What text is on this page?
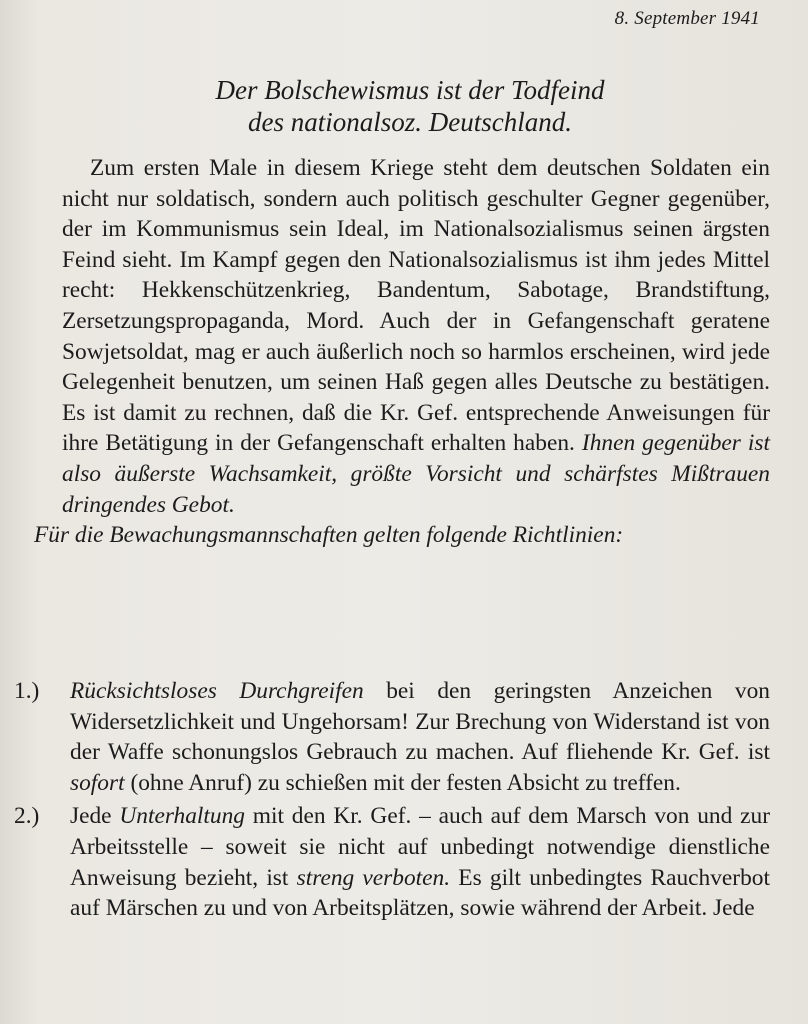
8. September 1941
Der Bolschewismus ist der Todfeind
des nationalsoz. Deutschland.

Zum ersten Male in diesem Kriege steht dem deutschen Soldaten ein nicht nur soldatisch, sondern auch politisch geschulter Gegner gegenüber, der im Kommunismus sein Ideal, im Nationalsozialismus seinen ärgsten Feind sieht. Im Kampf gegen den Nationalsozialismus ist ihm jedes Mittel recht: Hekkenschützenkrieg, Bandentum, Sabotage, Brandstiftung, Zersetzungspropaganda, Mord. Auch der in Gefangenschaft geratene Sowjetsoldat, mag er auch äußerlich noch so harmlos erscheinen, wird jede Gelegenheit benutzen, um seinen Haß gegen alles Deutsche zu bestätigen. Es ist damit zu rechnen, daß die Kr. Gef. entsprechende Anweisungen für ihre Betätigung in der Gefangenschaft erhalten haben. Ihnen gegenüber ist also äußerste Wachsamkeit, größte Vorsicht und schärfstes Mißtrauen dringendes Gebot.

Für die Bewachungsmannschaften gelten folgende Richtlinien:

1.)	Rücksichtsloses Durchgreifen bei den geringsten Anzeichen von Widersetzlichkeit und Ungehorsam! Zur Brechung von Widerstand ist von der Waffe schonungslos Gebrauch zu machen. Auf fliehende Kr. Gef. ist sofort (ohne Anruf) zu schießen mit der festen Absicht zu treffen.
2.)	Jede Unterhaltung mit den Kr. Gef. – auch auf dem Marsch von und zur Arbeitsstelle – soweit sie nicht auf unbedingt notwendige dienstliche Anweisung bezieht, ist streng verboten. Es gilt unbedingtes Rauchverbot auf Märschen zu und von Arbeitsplätzen, sowie während der Arbeit. Jede
